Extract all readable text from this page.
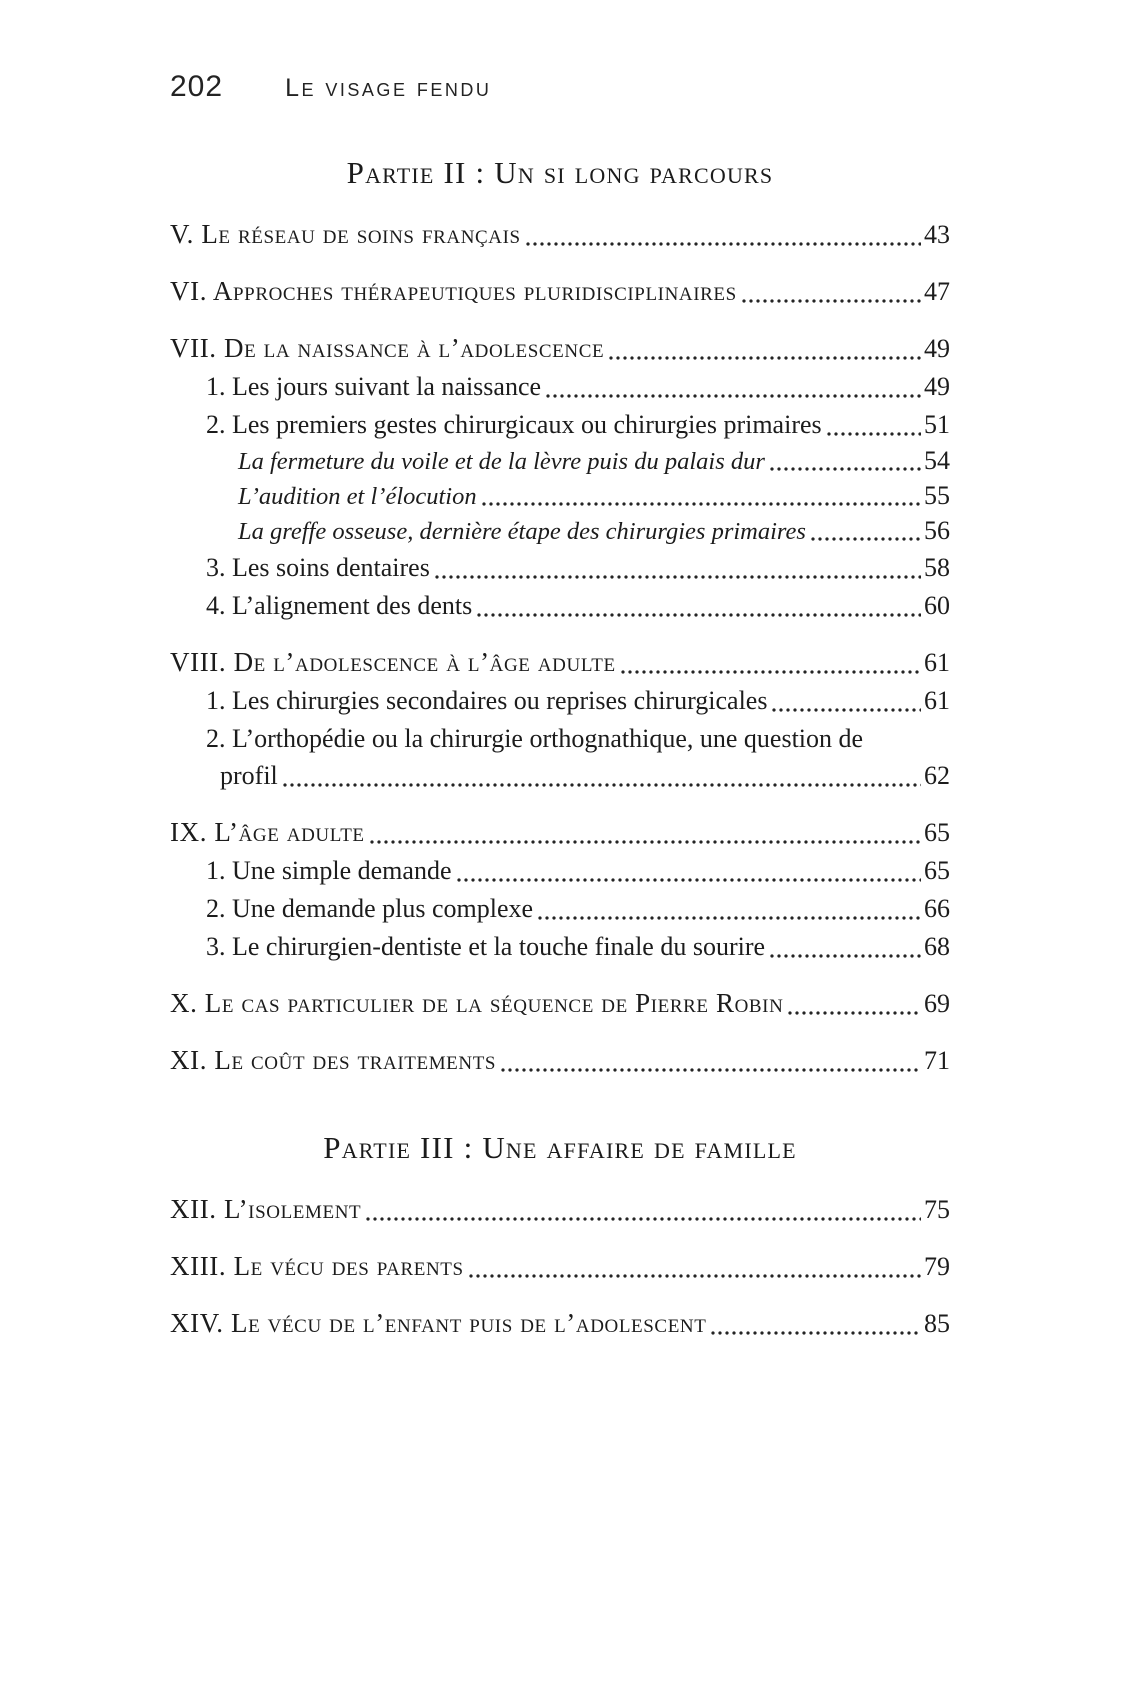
202 Le visage fendu
Partie II : Un si long parcours
V. Le réseau de soins français	43
VI. Approches thérapeutiques pluridisciplinaires	47
VII. De la naissance à l’adolescence	49
1. Les jours suivant la naissance	49
2. Les premiers gestes chirurgicaux ou chirurgies primaires	51
La fermeture du voile et de la lèvre puis du palais dur	54
L’audition et l’élocution	55
La greffe osseuse, dernière étape des chirurgies primaires	56
3. Les soins dentaires	58
4. L’alignement des dents	60
VIII. De l’adolescence à l’âge adulte	61
1. Les chirurgies secondaires ou reprises chirurgicales	61
2. L’orthopédie ou la chirurgie orthognathique, une question de
profil	62
IX. L’âge adulte	65
1. Une simple demande	65
2. Une demande plus complexe	66
3. Le chirurgien-dentiste et la touche finale du sourire	68
X. Le cas particulier de la séquence de Pierre Robin	69
XI. Le coût des traitements	71
Partie III : Une affaire de famille
XII. L’isolement	75
XIII. Le vécu des parents	79
XIV. Le vécu de l’enfant puis de l’adolescent	85
